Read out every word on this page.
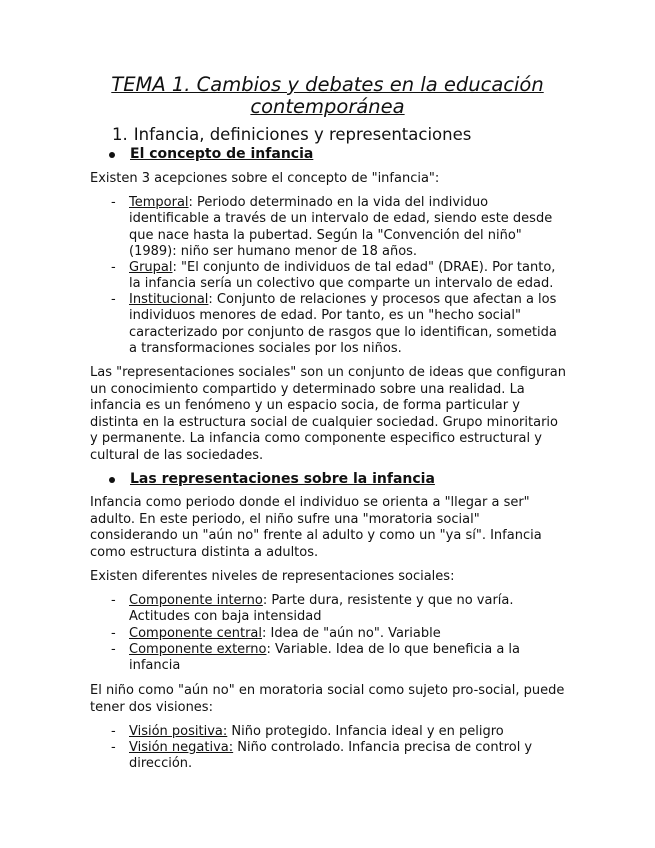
TEMA 1. Cambios y debates en la educación
contemporánea
1. Infancia, definiciones y representaciones
El concepto de infancia
Existen 3 acepciones sobre el concepto de "infancia":
- Temporal: Periodo determinado en la vida del individuo
identificable a través de un intervalo de edad, siendo este desde
que nace hasta la pubertad. Según la "Convención del niño"
(1989): niño ser humano menor de 18 años.
- Grupal: "El conjunto de individuos de tal edad" (DRAE). Por tanto,
la infancia sería un colectivo que comparte un intervalo de edad.
- Institucional: Conjunto de relaciones y procesos que afectan a los
individuos menores de edad. Por tanto, es un "hecho social"
caracterizado por conjunto de rasgos que lo identifican, sometida
a transformaciones sociales por los niños.
Las "representaciones sociales" son un conjunto de ideas que configuran
un conocimiento compartido y determinado sobre una realidad. La
infancia es un fenómeno y un espacio socia, de forma particular y
distinta en la estructura social de cualquier sociedad. Grupo minoritario
y permanente. La infancia como componente especifico estructural y
cultural de las sociedades.
Las representaciones sobre la infancia
Infancia como periodo donde el individuo se orienta a "llegar a ser"
adulto. En este periodo, el niño sufre una "moratoria social"
considerando un "aún no" frente al adulto y como un "ya sí". Infancia
como estructura distinta a adultos.
Existen diferentes niveles de representaciones sociales:
- Componente interno: Parte dura, resistente y que no varía.
Actitudes con baja intensidad
- Componente central: Idea de "aún no". Variable
- Componente externo: Variable. Idea de lo que beneficia a la
infancia
El niño como "aún no" en moratoria social como sujeto pro-social, puede
tener dos visiones:
- Visión positiva: Niño protegido. Infancia ideal y en peligro
- Visión negativa: Niño controlado. Infancia precisa de control y
dirección.
